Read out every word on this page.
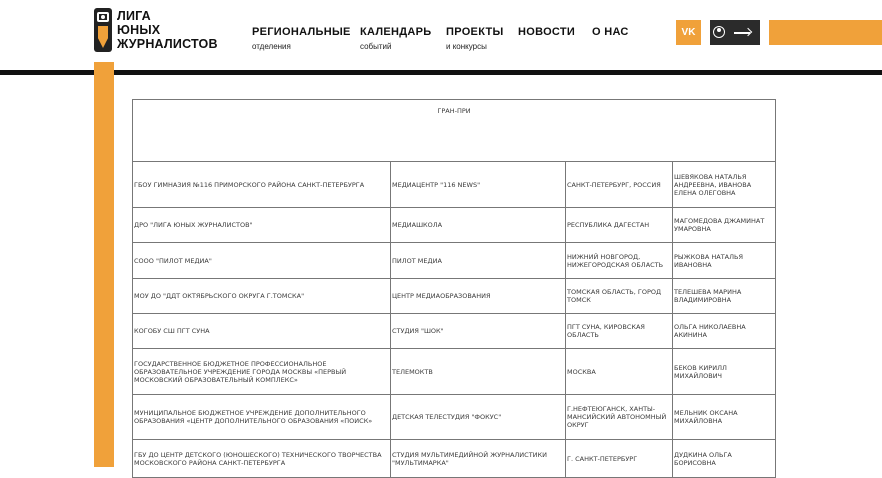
ЛИГА
ЮНЫХ
ЖУРНАЛИСТОВ
РЕГИОНАЛЬНЫЕ
отделения
КАЛЕНДАРЬ
событий
ПРОЕКТЫ
и конкурсы
НОВОСТИ О НАС	VK
ГРАН-ПРИ			
ГБОУ ГИМНАЗИЯ №116 ПРИМОРСКОГО РАЙОНА САНКТ-ПЕТЕРБУРГА	МЕДИАЦЕНТР "116 NEWS"	САНКТ-ПЕТЕРБУРГ, РОССИЯ	ШЕВЯКОВА НАТАЛЬЯ АНДРЕЕВНА, ИВАНОВА ЕЛЕНА ОЛЕГОВНА
ДРО "ЛИГА ЮНЫХ ЖУРНАЛИСТОВ"	МЕДИАШКОЛА	РЕСПУБЛИКА ДАГЕСТАН	МАГОМЕДОВА ДЖАМИНАТ УМАРОВНА
СООО "ПИЛОТ МЕДИА"	ПИЛОТ МЕДИА	НИЖНИЙ НОВГОРОД, НИЖЕГОРОДСКАЯ ОБЛАСТЬ	РЫЖКОВА НАТАЛЬЯ ИВАНОВНА
МОУ ДО "ДДТ ОКТЯБРЬСКОГО ОКРУГА Г.ТОМСКА"	ЦЕНТР МЕДИАОБРАЗОВАНИЯ	ТОМСКАЯ ОБЛАСТЬ, ГОРОД ТОМСК	ТЕЛЕШЕВА МАРИНА ВЛАДИМИРОВНА
КОГОБУ СШ ПГТ СУНА	СТУДИЯ "ШОК"	ПГТ СУНА, КИРОВСКАЯ ОБЛАСТЬ	ОЛЬГА НИКОЛАЕВНА АКИНИНА
ГОСУДАРСТВЕННОЕ БЮДЖЕТНОЕ ПРОФЕССИОНАЛЬНОЕ ОБРАЗОВАТЕЛЬНОЕ УЧРЕЖДЕНИЕ ГОРОДА МОСКВЫ «ПЕРВЫЙ МОСКОВСКИЙ ОБРАЗОВАТЕЛЬНЫЙ КОМПЛЕКС»	ТЕЛЕМОКТВ	МОСКВА	БЕКОВ КИРИЛЛ МИХАЙЛОВИЧ
МУНИЦИПАЛЬНОЕ БЮДЖЕТНОЕ УЧРЕЖДЕНИЕ ДОПОЛНИТЕЛЬНОГО ОБРАЗОВАНИЯ «ЦЕНТР ДОПОЛНИТЕЛЬНОГО ОБРАЗОВАНИЯ «ПОИСК»	ДЕТСКАЯ ТЕЛЕСТУДИЯ "ФОКУС"	Г.НЕФТЕЮГАНСК, ХАНТЫ-МАНСИЙСКИЙ АВТОНОМНЫЙ ОКРУГ	МЕЛЬНИК ОКСАНА МИХАЙЛОВНА
ГБУ ДО ЦЕНТР ДЕТСКОГО (ЮНОШЕСКОГО) ТЕХНИЧЕСКОГО ТВОРЧЕСТВА МОСКОВСКОГО РАЙОНА САНКТ-ПЕТЕРБУРГА	СТУДИЯ МУЛЬТИМЕДИЙНОЙ ЖУРНАЛИСТИКИ "МУЛЬТИМАРКА"	Г. САНКТ-ПЕТЕРБУРГ	ДУДКИНА ОЛЬГА БОРИСОВНА
